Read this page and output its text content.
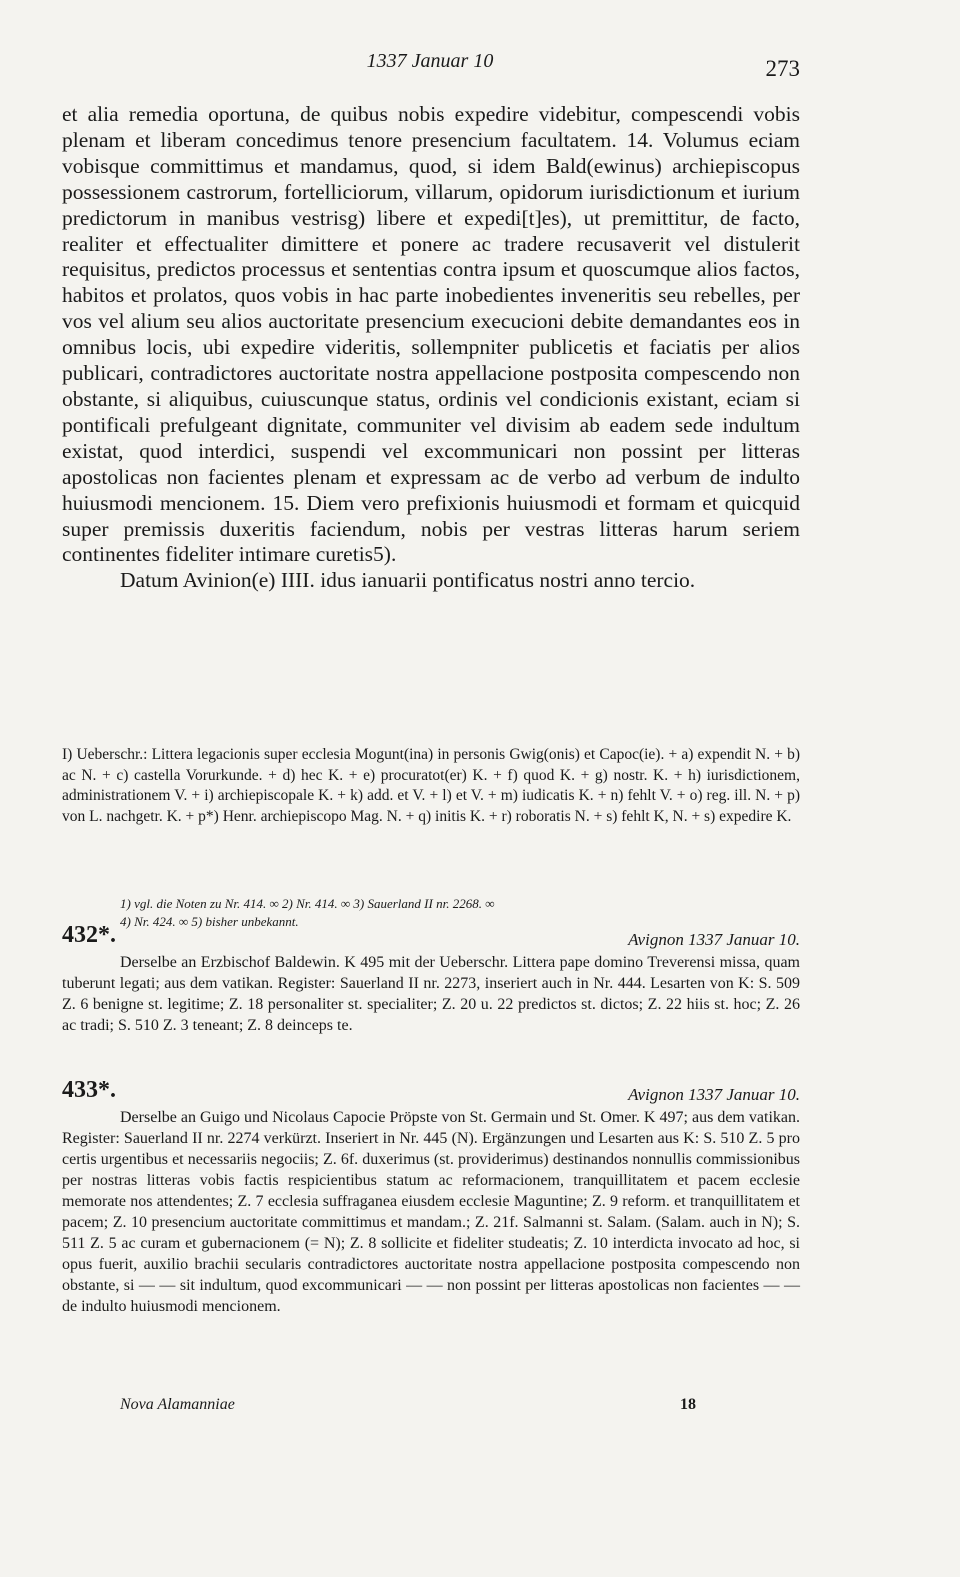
1337 Januar 10	273

et alia remedia oportuna, de quibus nobis expedire videbitur, compescendi vobis plenam et liberam concedimus tenore presencium facultatem. 14. Volumus eciam vobisque committimus et mandamus, quod, si idem Bald(ewinus) archiepiscopus possessionem castrorum, fortelliciorum, villarum, opidorum iurisdictionum et iurium predictorum in manibus vestrisg) libere et expedi[t]es), ut premittitur, de facto, realiter et effectualiter dimittere et ponere ac tradere recusaverit vel distulerit requisitus, predictos processus et sententias contra ipsum et quoscumque alios factos, habitos et prolatos, quos vobis in hac parte inobedientes inveneritis seu rebelles, per vos vel alium seu alios auctoritate presencium execucioni debite demandantes eos in omnibus locis, ubi expedire videritis, sollempniter publicetis et faciatis per alios publicari, contradictores auctoritate nostra appellacione postposita compescendo non obstante, si aliquibus, cuiuscunque status, ordinis vel condicionis existant, eciam si pontificali prefulgeant dignitate, communiter vel divisim ab eadem sede indultum existat, quod interdici, suspendi vel excommunicari non possint per litteras apostolicas non facientes plenam et expressam ac de verbo ad verbum de indulto huiusmodi mencionem. 15. Diem vero prefixionis huiusmodi et formam et quicquid super premissis duxeritis faciendum, nobis per vestras litteras harum seriem continentes fideliter intimare curetis5).

Datum Avinion(e) IIII. idus ianuarii pontificatus nostri anno tercio.

I) Ueberschr.: Littera legacionis super ecclesia Mogunt(ina) in personis Gwig(onis) et Capoc(ie). + a) expendit N. + b) ac N. + c) castella Vorurkunde. + d) hec K. + e) procuratot(er) K. + f) quod K. + g) nostr. K. + h) iurisdictionem, administrationem V. + i) archiepiscopale K. + k) add. et V. + l) et V. + m) iudicatis K. + n) fehlt V. + o) reg. ill. N. + p) von L. nachgetr. K. + p*) Henr. archiepiscopo Mag. N. + q) initis K. + r) roboratis N. + s) fehlt K, N. + s) expedire K.

1) vgl. die Noten zu Nr. 414. ∞ 2) Nr. 414. ∞ 3) Sauerland II nr. 2268. ∞

4) Nr. 424. ∞ 5) bisher unbekannt.

432*.	Avignon 1337 Januar 10.

Derselbe an Erzbischof Baldewin. K 495 mit der Ueberschr. Littera pape domino Treverensi missa, quam tuberunt legati; aus dem vatikan. Register: Sauerland II nr. 2273, inseriert auch in Nr. 444. Lesarten von K: S. 509 Z. 6 benigne st. legitime; Z. 18 personaliter st. specialiter; Z. 20 u. 22 predictos st. dictos; Z. 22 hiis st. hoc; Z. 26 ac tradi; S. 510 Z. 3 teneant; Z. 8 deinceps te.

433*.	Avignon 1337 Januar 10.

Derselbe an Guigo und Nicolaus Capocie Pröpste von St. Germain und St. Omer. K 497; aus dem vatikan. Register: Sauerland II nr. 2274 verkürzt. Inseriert in Nr. 445 (N). Ergänzungen und Lesarten aus K: S. 510 Z. 5 pro certis urgentibus et necessariis negociis; Z. 6f. duxerimus (st. providerimus) destinandos nonnullis commissionibus per nostras litteras vobis factis respicientibus statum ac reformacionem, tranquillitatem et pacem ecclesie memorate nos attendentes; Z. 7 ecclesia suffraganea eiusdem ecclesie Maguntine; Z. 9 reform. et tranquillitatem et pacem; Z. 10 presencium auctoritate committimus et mandam.; Z. 21f. Salmanni st. Salam. (Salam. auch in N); S. 511 Z. 5 ac curam et gubernacionem (= N); Z. 8 sollicite et fideliter studeatis; Z. 10 interdicta invocato ad hoc, si opus fuerit, auxilio brachii secularis contradictores auctoritate nostra appellacione postposita compescendo non obstante, si — — sit indultum, quod excommunicari — — non possint per litteras apostolicas non facientes — — de indulto huiusmodi mencionem.

Nova Alamanniae	18
